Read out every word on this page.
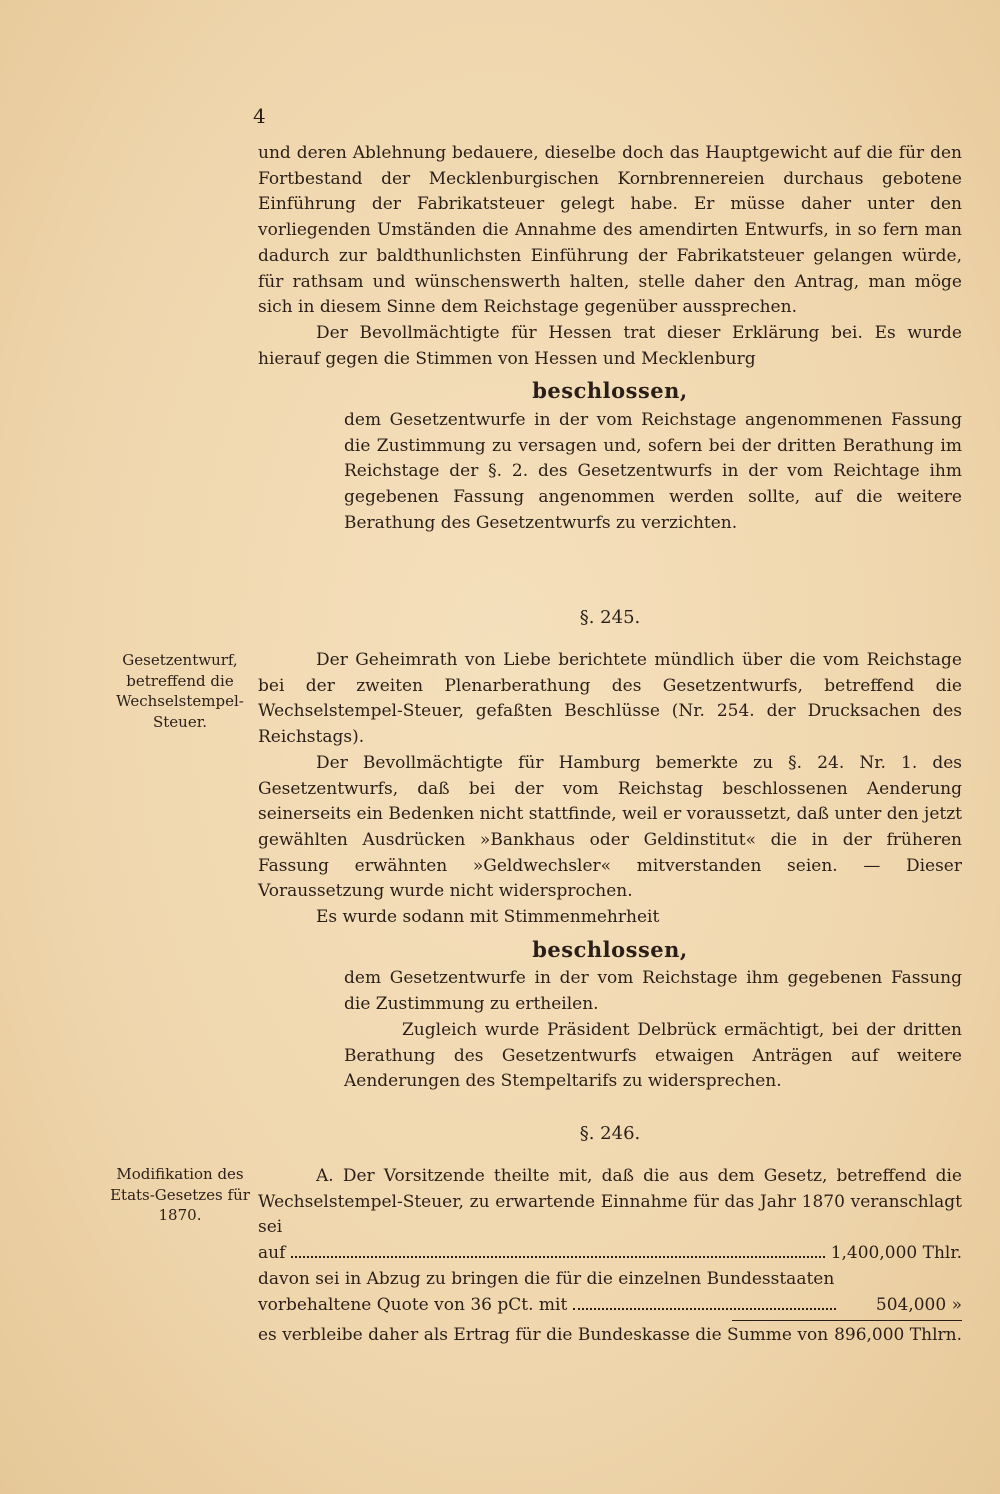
4

und deren Ablehnung bedauere, dieselbe doch das Hauptgewicht auf die für den Fortbestand der Mecklenburgischen Kornbrennereien durchaus gebotene Einführung der Fabrikatsteuer gelegt habe. Er müsse daher unter den vorliegenden Umständen die Annahme des amendirten Entwurfs, in so fern man dadurch zur baldthunlichsten Einführung der Fabrikatsteuer gelangen würde, für rathsam und wünschenswerth halten, stelle daher den Antrag, man möge sich in diesem Sinne dem Reichstage gegenüber aussprechen.

Der Bevollmächtigte für Hessen trat dieser Erklärung bei. Es wurde hierauf gegen die Stimmen von Hessen und Mecklenburg

beschlossen,

dem Gesetzentwurfe in der vom Reichstage angenommenen Fassung die Zustimmung zu versagen und, sofern bei der dritten Berathung im Reichstage der §. 2. des Gesetzentwurfs in der vom Reichtage ihm gegebenen Fassung angenommen werden sollte, auf die weitere Berathung des Gesetzentwurfs zu verzichten.

§. 245.
Gesetzentwurf, betreffend die Wechselstempel-Steuer.

Der Geheimrath von Liebe berichtete mündlich über die vom Reichstage bei der zweiten Plenarberathung des Gesetzentwurfs, betreffend die Wechselstempel-Steuer, gefaßten Beschlüsse (Nr. 254. der Drucksachen des Reichstags).

Der Bevollmächtigte für Hamburg bemerkte zu §. 24. Nr. 1. des Gesetzentwurfs, daß bei der vom Reichstag beschlossenen Aenderung seinerseits ein Bedenken nicht stattfinde, weil er voraussetzt, daß unter den jetzt gewählten Ausdrücken »Bankhaus oder Geldinstitut« die in der früheren Fassung erwähnten »Geldwechsler« mitverstanden seien. — Dieser Voraussetzung wurde nicht widersprochen.

Es wurde sodann mit Stimmenmehrheit

beschlossen,

dem Gesetzentwurfe in der vom Reichstage ihm gegebenen Fassung die Zustimmung zu ertheilen.

Zugleich wurde Präsident Delbrück ermächtigt, bei der dritten Berathung des Gesetzentwurfs etwaigen Anträgen auf weitere Aenderungen des Stempeltarifs zu widersprechen.

§. 246.
Modifikation des Etats-Gesetzes für 1870.

A. Der Vorsitzende theilte mit, daß die aus dem Gesetz, betreffend die Wechselstempel-Steuer, zu erwartende Einnahme für das Jahr 1870 veranschlagt sei

auf	1,400,000 Thlr.

davon sei in Abzug zu bringen die für die einzelnen Bundesstaaten

vorbehaltene Quote von 36 pCt. mit	504,000 »
es verbleibe daher als Ertrag für die Bundeskasse die Summe von 896,000 Thlrn.
